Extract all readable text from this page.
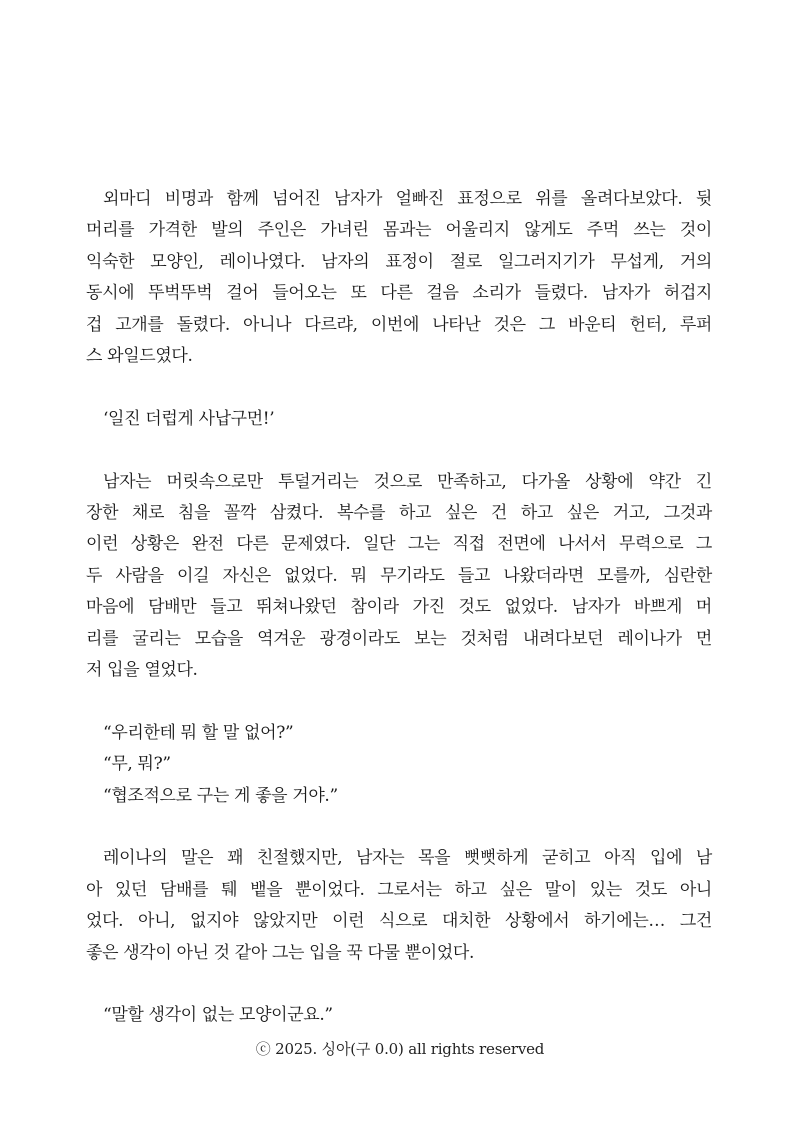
외마디 비명과 함께 넘어진 남자가 얼빠진 표정으로 위를 올려다보았다. 뒷
머리를 가격한 발의 주인은 가녀린 몸과는 어울리지 않게도 주먹 쓰는 것이
익숙한 모양인, 레이나였다. 남자의 표정이 절로 일그러지기가 무섭게, 거의
동시에 뚜벅뚜벅 걸어 들어오는 또 다른 걸음 소리가 들렸다. 남자가 허겁지
겁 고개를 돌렸다. 아니나 다르랴, 이번에 나타난 것은 그 바운티 헌터, 루퍼
스 와일드였다.

‘일진 더럽게 사납구먼!’

남자는 머릿속으로만 투덜거리는 것으로 만족하고, 다가올 상황에 약간 긴
장한 채로 침을 꼴깍 삼켰다. 복수를 하고 싶은 건 하고 싶은 거고, 그것과
이런 상황은 완전 다른 문제였다. 일단 그는 직접 전면에 나서서 무력으로 그
두 사람을 이길 자신은 없었다. 뭐 무기라도 들고 나왔더라면 모를까, 심란한
마음에 담배만 들고 뛰쳐나왔던 참이라 가진 것도 없었다. 남자가 바쁘게 머
리를 굴리는 모습을 역겨운 광경이라도 보는 것처럼 내려다보던 레이나가 먼
저 입을 열었다.

“우리한테 뭐 할 말 없어?”
“무, 뭐?”
“협조적으로 구는 게 좋을 거야.”

레이나의 말은 꽤 친절했지만, 남자는 목을 뻣뻣하게 굳히고 아직 입에 남
아 있던 담배를 퉤 뱉을 뿐이었다. 그로서는 하고 싶은 말이 있는 것도 아니
었다. 아니, 없지야 않았지만 이런 식으로 대치한 상황에서 하기에는… 그건
좋은 생각이 아닌 것 같아 그는 입을 꾹 다물 뿐이었다.

“말할 생각이 없는 모양이군요.”

ⓒ 2025. 싱아(구 0.0) all rights reserved
